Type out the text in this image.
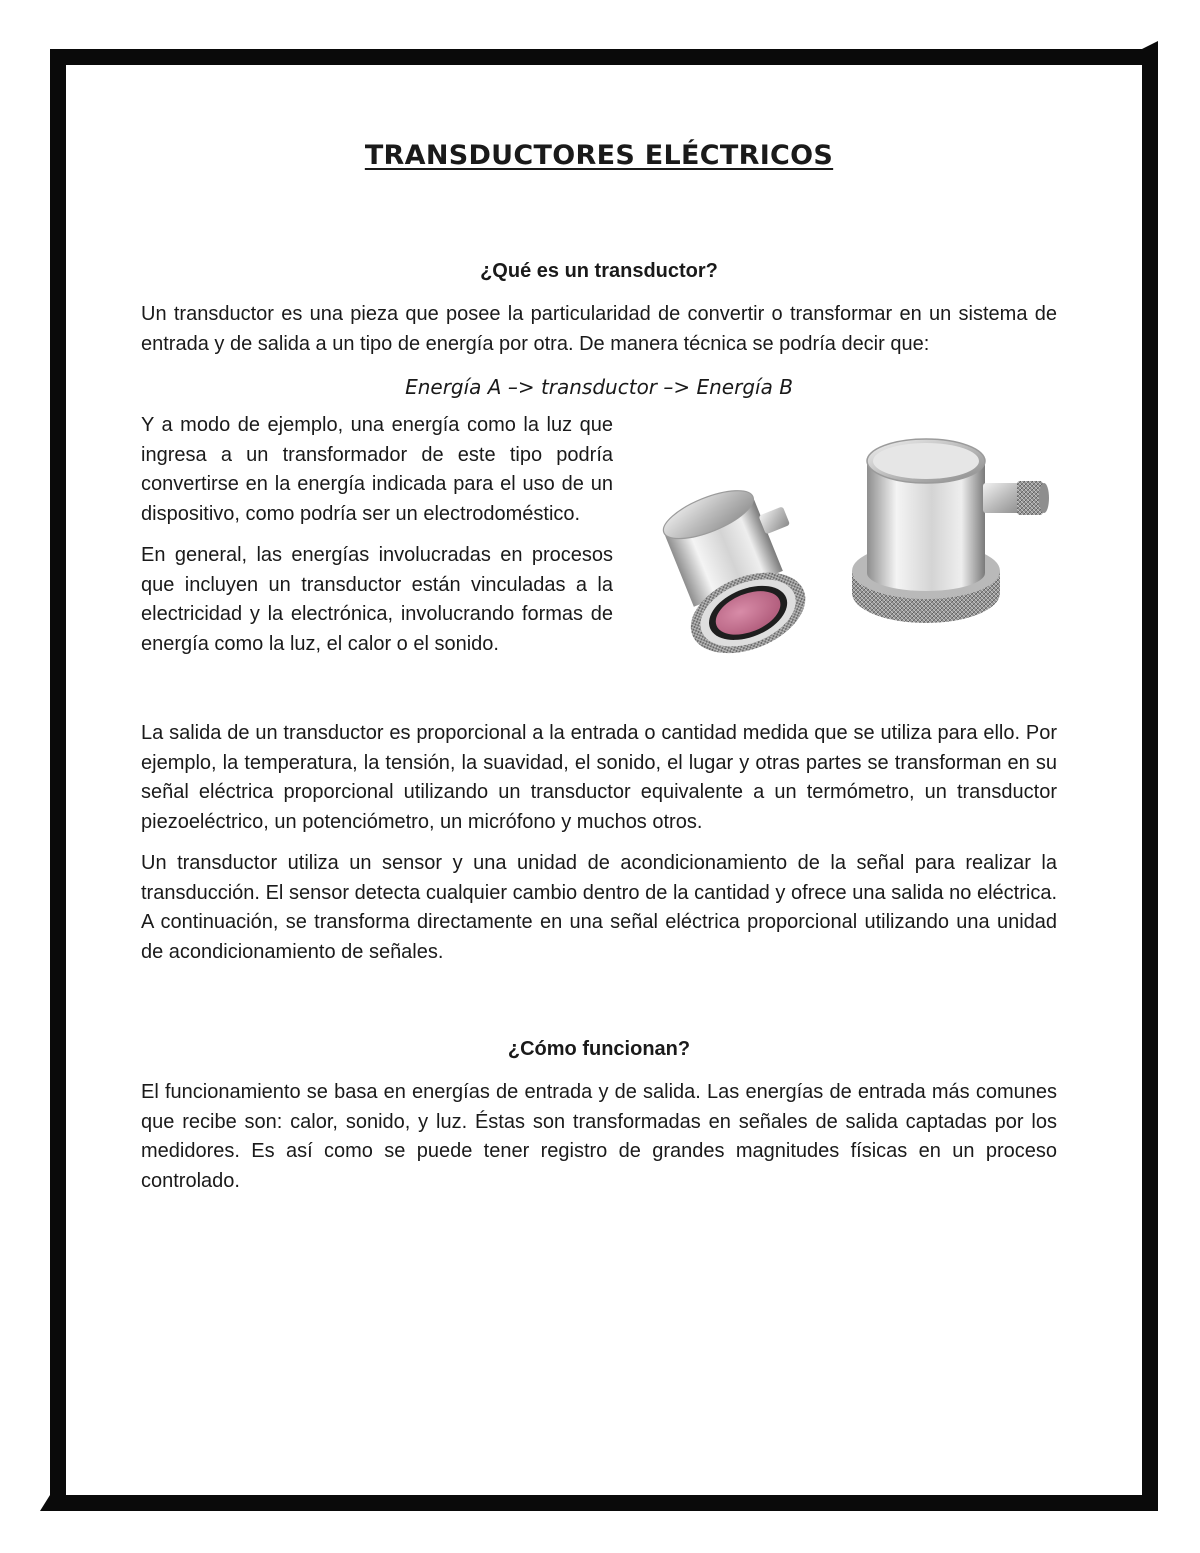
TRANSDUCTORES ELÉCTRICOS

¿Qué es un transductor?

Un transductor es una pieza que posee la particularidad de convertir o transformar en un sistema de entrada y de salida a un tipo de energía por otra. De manera técnica se podría decir que:

Energía A –> transductor –> Energía B

Y a modo de ejemplo, una energía como la luz que ingresa a un transformador de este tipo podría convertirse en la energía indicada para el uso de un dispositivo, como podría ser un electrodoméstico.

En general, las energías involucradas en procesos que incluyen un transductor están vinculadas a la electricidad y la electrónica, involucrando formas de energía como la luz, el calor o el sonido.

La salida de un transductor es proporcional a la entrada o cantidad medida que se utiliza para ello. Por ejemplo, la temperatura, la tensión, la suavidad, el sonido, el lugar y otras partes se transforman en su señal eléctrica proporcional utilizando un transductor equivalente a un termómetro, un transductor piezoeléctrico, un potenciómetro, un micrófono y muchos otros.

Un transductor utiliza un sensor y una unidad de acondicionamiento de la señal para realizar la transducción. El sensor detecta cualquier cambio dentro de la cantidad y ofrece una salida no eléctrica. A continuación, se transforma directamente en una señal eléctrica proporcional utilizando una unidad de acondicionamiento de señales.

¿Cómo funcionan?

El funcionamiento se basa en energías de entrada y de salida. Las energías de entrada más comunes que recibe son: calor, sonido, y luz. Éstas son transformadas en señales de salida captadas por los medidores. Es así como se puede tener registro de grandes magnitudes físicas en un proceso controlado.
